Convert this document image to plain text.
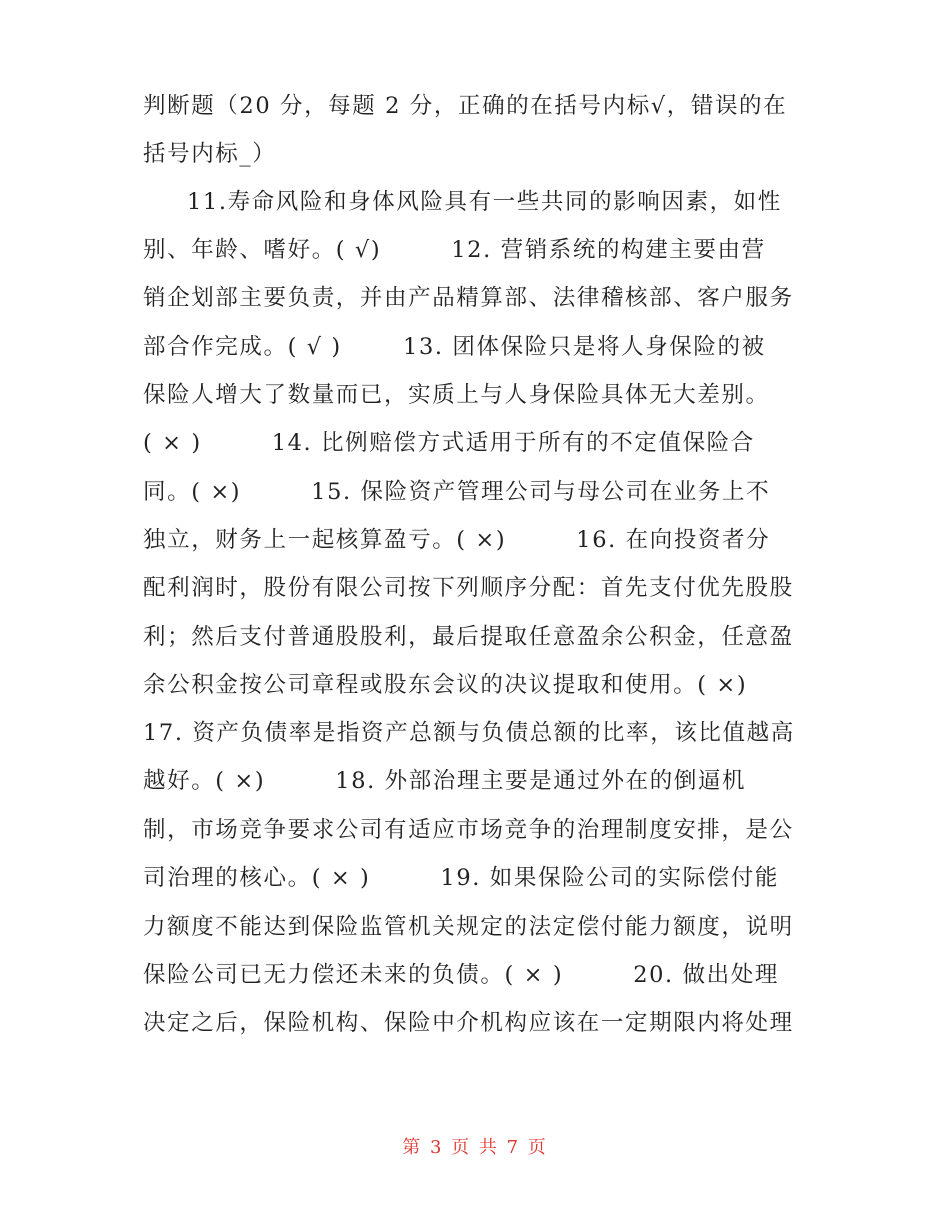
判断题（20 分，每题 2 分，正确的在括号内标√，错误的在
括号内标_）
11.寿命风险和身体风险具有一些共同的影响因素，如性
别、年龄、嗜好。( √)        12. 营销系统的构建主要由营
销企划部主要负责，并由产品精算部、法律稽核部、客户服务
部合作完成。( √ )       13. 团体保险只是将人身保险的被
保险人增大了数量而已，实质上与人身保险具体无大差别。
( × )        14. 比例赔偿方式适用于所有的不定值保险合
同。( ×)        15. 保险资产管理公司与母公司在业务上不
独立，财务上一起核算盈亏。( ×)        16. 在向投资者分
配利润时，股份有限公司按下列顺序分配：首先支付优先股股
利；然后支付普通股股利，最后提取任意盈余公积金，任意盈
余公积金按公司章程或股东会议的决议提取和使用。( ×)
17. 资产负债率是指资产总额与负债总额的比率，该比值越高
越好。( ×)        18. 外部治理主要是通过外在的倒逼机
制，市场竞争要求公司有适应市场竞争的治理制度安排，是公
司治理的核心。( × )        19. 如果保险公司的实际偿付能
力额度不能达到保险监管机关规定的法定偿付能力额度，说明
保险公司已无力偿还未来的负债。( × )        20. 做出处理
决定之后，保险机构、保险中介机构应该在一定期限内将处理
第 3 页 共 7 页
